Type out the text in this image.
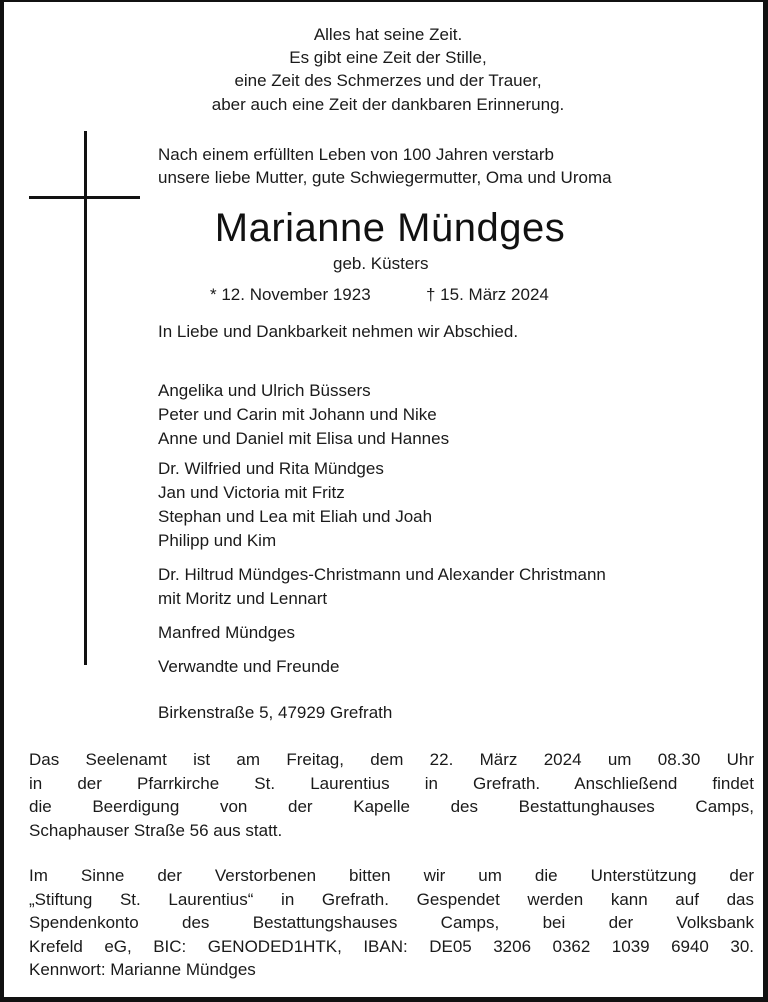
Alles hat seine Zeit.

Es gibt eine Zeit der Stille,

eine Zeit des Schmerzes und der Trauer,

aber auch eine Zeit der dankbaren Erinnerung.

Nach einem erfüllten Leben von 100 Jahren verstarb

unsere liebe Mutter, gute Schwiegermutter, Oma und Uroma

Marianne Mündges

geb. Küsters

* 12. November 1923	† 15. März 2024

In Liebe und Dankbarkeit nehmen wir Abschied.

Angelika und Ulrich Büssers

Peter und Carin mit Johann und Nike

Anne und Daniel mit Elisa und Hannes

Dr. Wilfried und Rita Mündges

Jan und Victoria mit Fritz

Stephan und Lea mit Eliah und Joah

Philipp und Kim

Dr. Hiltrud Mündges-Christmann und Alexander Christmann

mit Moritz und Lennart

Manfred Mündges

Verwandte und Freunde

Birkenstraße 5, 47929 Grefrath

Das Seelenamt ist am Freitag, dem 22. März 2024 um 08.30 Uhr
in der Pfarrkirche St. Laurentius in Grefrath. Anschließend findet
die Beerdigung von der Kapelle des Bestattunghauses Camps,
Schaphauser Straße 56 aus statt.
Im Sinne der Verstorbenen bitten wir um die Unterstützung der
„Stiftung St. Laurentius“ in Grefrath. Gespendet werden kann auf das
Spendenkonto des Bestattungshauses Camps, bei der Volksbank
Krefeld eG, BIC: GENODED1HTK, IBAN: DE05 3206 0362 1039 6940 30.
Kennwort: Marianne Mündges
